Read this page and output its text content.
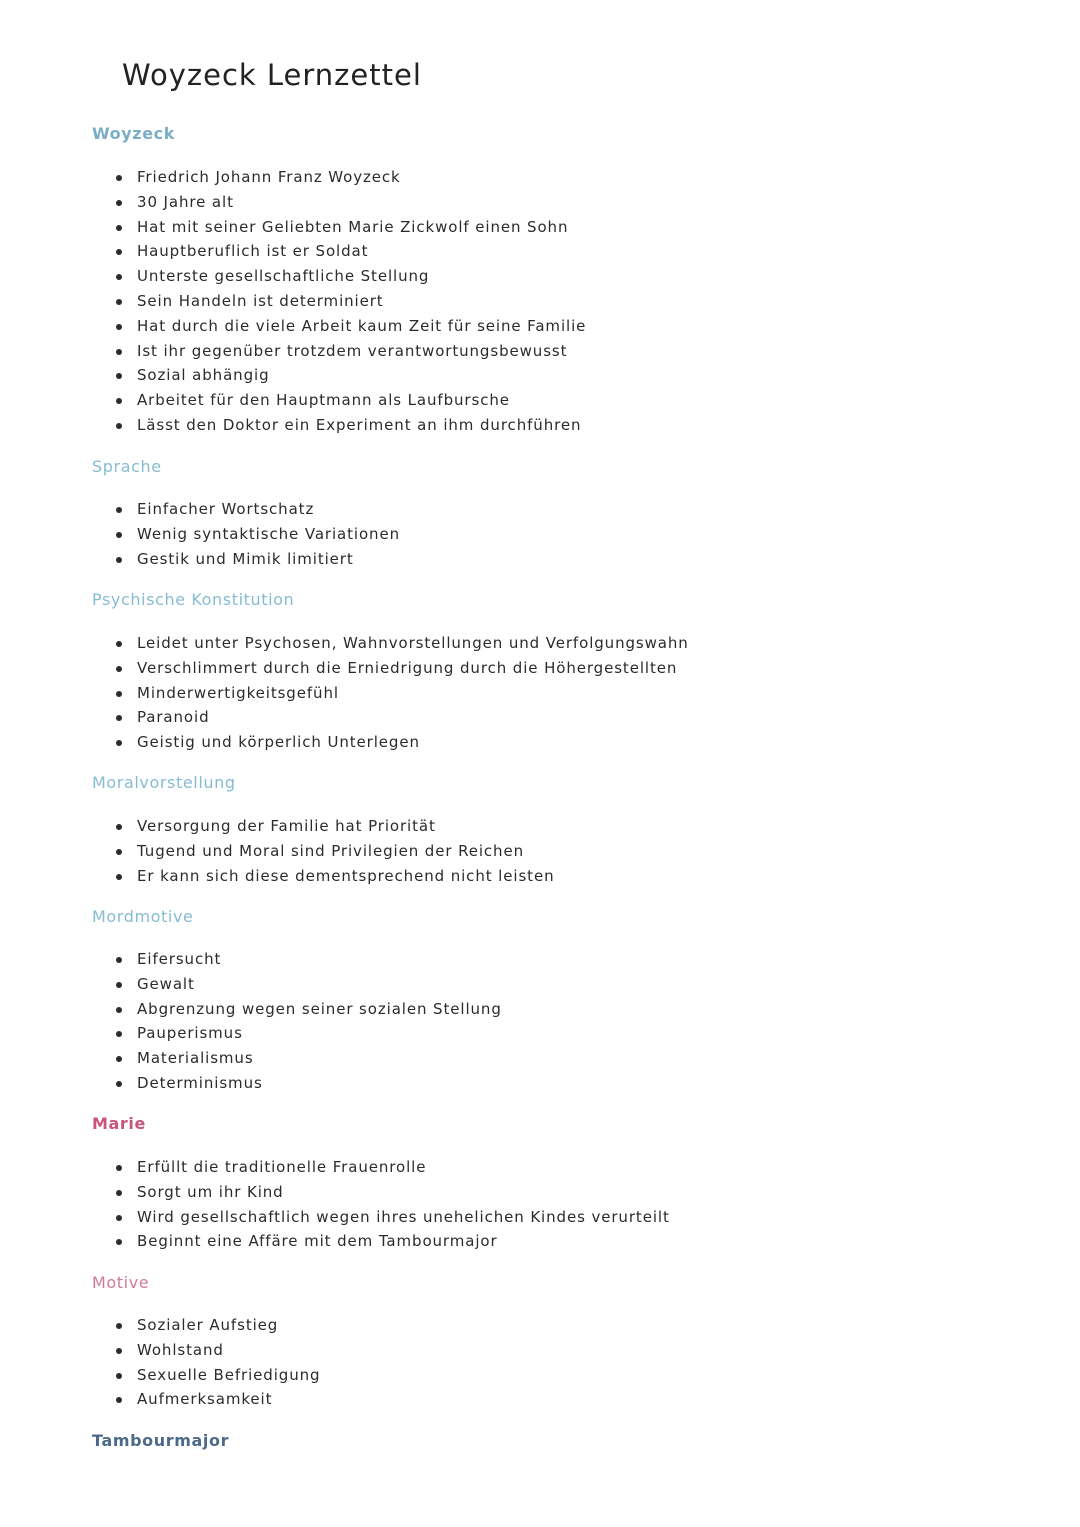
Woyzeck Lernzettel
Woyzeck
Friedrich Johann Franz Woyzeck
30 Jahre alt
Hat mit seiner Geliebten Marie Zickwolf einen Sohn
Hauptberuflich ist er Soldat
Unterste gesellschaftliche Stellung
Sein Handeln ist determiniert
Hat durch die viele Arbeit kaum Zeit für seine Familie
Ist ihr gegenüber trotzdem verantwortungsbewusst
Sozial abhängig
Arbeitet für den Hauptmann als Laufbursche
Lässt den Doktor ein Experiment an ihm durchführen
Sprache
Einfacher Wortschatz
Wenig syntaktische Variationen
Gestik und Mimik limitiert
Psychische Konstitution
Leidet unter Psychosen, Wahnvorstellungen und Verfolgungswahn
Verschlimmert durch die Erniedrigung durch die Höhergestellten
Minderwertigkeitsgefühl
Paranoid
Geistig und körperlich Unterlegen
Moralvorstellung
Versorgung der Familie hat Priorität
Tugend und Moral sind Privilegien der Reichen
Er kann sich diese dementsprechend nicht leisten
Mordmotive
Eifersucht
Gewalt
Abgrenzung wegen seiner sozialen Stellung
Pauperismus
Materialismus
Determinismus
Marie
Erfüllt die traditionelle Frauenrolle
Sorgt um ihr Kind
Wird gesellschaftlich wegen ihres unehelichen Kindes verurteilt
Beginnt eine Affäre mit dem Tambourmajor
Motive
Sozialer Aufstieg
Wohlstand
Sexuelle Befriedigung
Aufmerksamkeit
Tambourmajor
